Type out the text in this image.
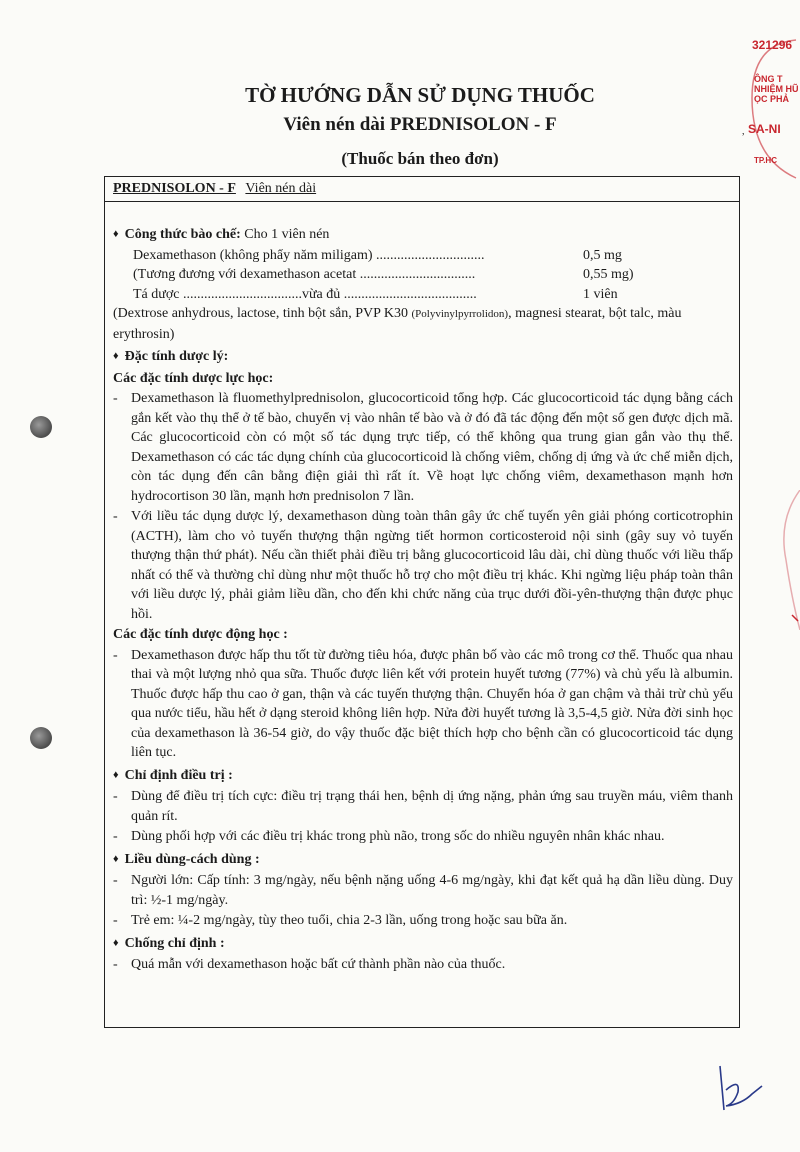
321296
ÔNG T
NHIỆM HŨ
ỌC PHẢ
SA-NI
TP.HC
,
TỜ HƯỚNG DẪN SỬ DỤNG THUỐC
Viên nén dài PREDNISOLON - F
(Thuốc bán theo đơn)
PREDNISOLON - F Viên nén dài
♦ Công thức bào chế: Cho 1 viên nén
Dexamethason (không phẩy năm miligam) ...............................	0,5 mg
(Tương đương với dexamethason acetat .................................	0,55 mg)
Tá dược ..................................vừa đủ ......................................	1 viên

(Dextrose anhydrous, lactose, tinh bột sắn, PVP K30 (Polyvinylpyrrolidon), magnesi stearat, bột talc, màu erythrosin)

♦ Đặc tính dược lý:
Các đặc tính dược lực học:
- Dexamethason là fluomethylprednisolon, glucocorticoid tổng hợp. Các glucocorticoid tác dụng bằng cách gắn kết vào thụ thể ở tế bào, chuyển vị vào nhân tế bào và ở đó đã tác động đến một số gen được dịch mã. Các glucocorticoid còn có một số tác dụng trực tiếp, có thể không qua trung gian gắn vào thụ thể. Dexamethason có các tác dụng chính của glucocorticoid là chống viêm, chống dị ứng và ức chế miễn dịch, còn tác dụng đến cân bằng điện giải thì rất ít. Về hoạt lực chống viêm, dexamethason mạnh hơn hydrocortison 30 lần, mạnh hơn prednisolon 7 lần.
- Với liều tác dụng dược lý, dexamethason dùng toàn thân gây ức chế tuyến yên giải phóng corticotrophin (ACTH), làm cho vỏ tuyến thượng thận ngừng tiết hormon corticosteroid nội sinh (gây suy vỏ tuyến thượng thận thứ phát). Nếu cần thiết phải điều trị bằng glucocorticoid lâu dài, chỉ dùng thuốc với liều thấp nhất có thể và thường chỉ dùng như một thuốc hỗ trợ cho một điều trị khác. Khi ngừng liệu pháp toàn thân với liều dược lý, phải giảm liều dần, cho đến khi chức năng của trục dưới đồi-yên-thượng thận được phục hồi.
Các đặc tính dược động học :
- Dexamethason được hấp thu tốt từ đường tiêu hóa, được phân bố vào các mô trong cơ thể. Thuốc qua nhau thai và một lượng nhỏ qua sữa. Thuốc được liên kết với protein huyết tương (77%) và chủ yếu là albumin. Thuốc được hấp thu cao ở gan, thận và các tuyến thượng thận. Chuyển hóa ở gan chậm và thải trừ chủ yếu qua nước tiểu, hầu hết ở dạng steroid không liên hợp. Nửa đời huyết tương là 3,5-4,5 giờ. Nửa đời sinh học của dexamethason là 36-54 giờ, do vậy thuốc đặc biệt thích hợp cho bệnh cần có glucocorticoid tác dụng liên tục.
♦ Chỉ định điều trị :
- Dùng để điều trị tích cực: điều trị trạng thái hen, bệnh dị ứng nặng, phản ứng sau truyền máu, viêm thanh quản rít.
- Dùng phối hợp với các điều trị khác trong phù não, trong sốc do nhiều nguyên nhân khác nhau.
♦ Liều dùng-cách dùng :
- Người lớn: Cấp tính: 3 mg/ngày, nếu bệnh nặng uống 4-6 mg/ngày, khi đạt kết quả hạ dần liều dùng. Duy trì: ½-1 mg/ngày.
- Trẻ em: ¼-2 mg/ngày, tùy theo tuổi, chia 2-3 lần, uống trong hoặc sau bữa ăn.
♦ Chống chỉ định :
- Quá mẫn với dexamethason hoặc bất cứ thành phần nào của thuốc.
